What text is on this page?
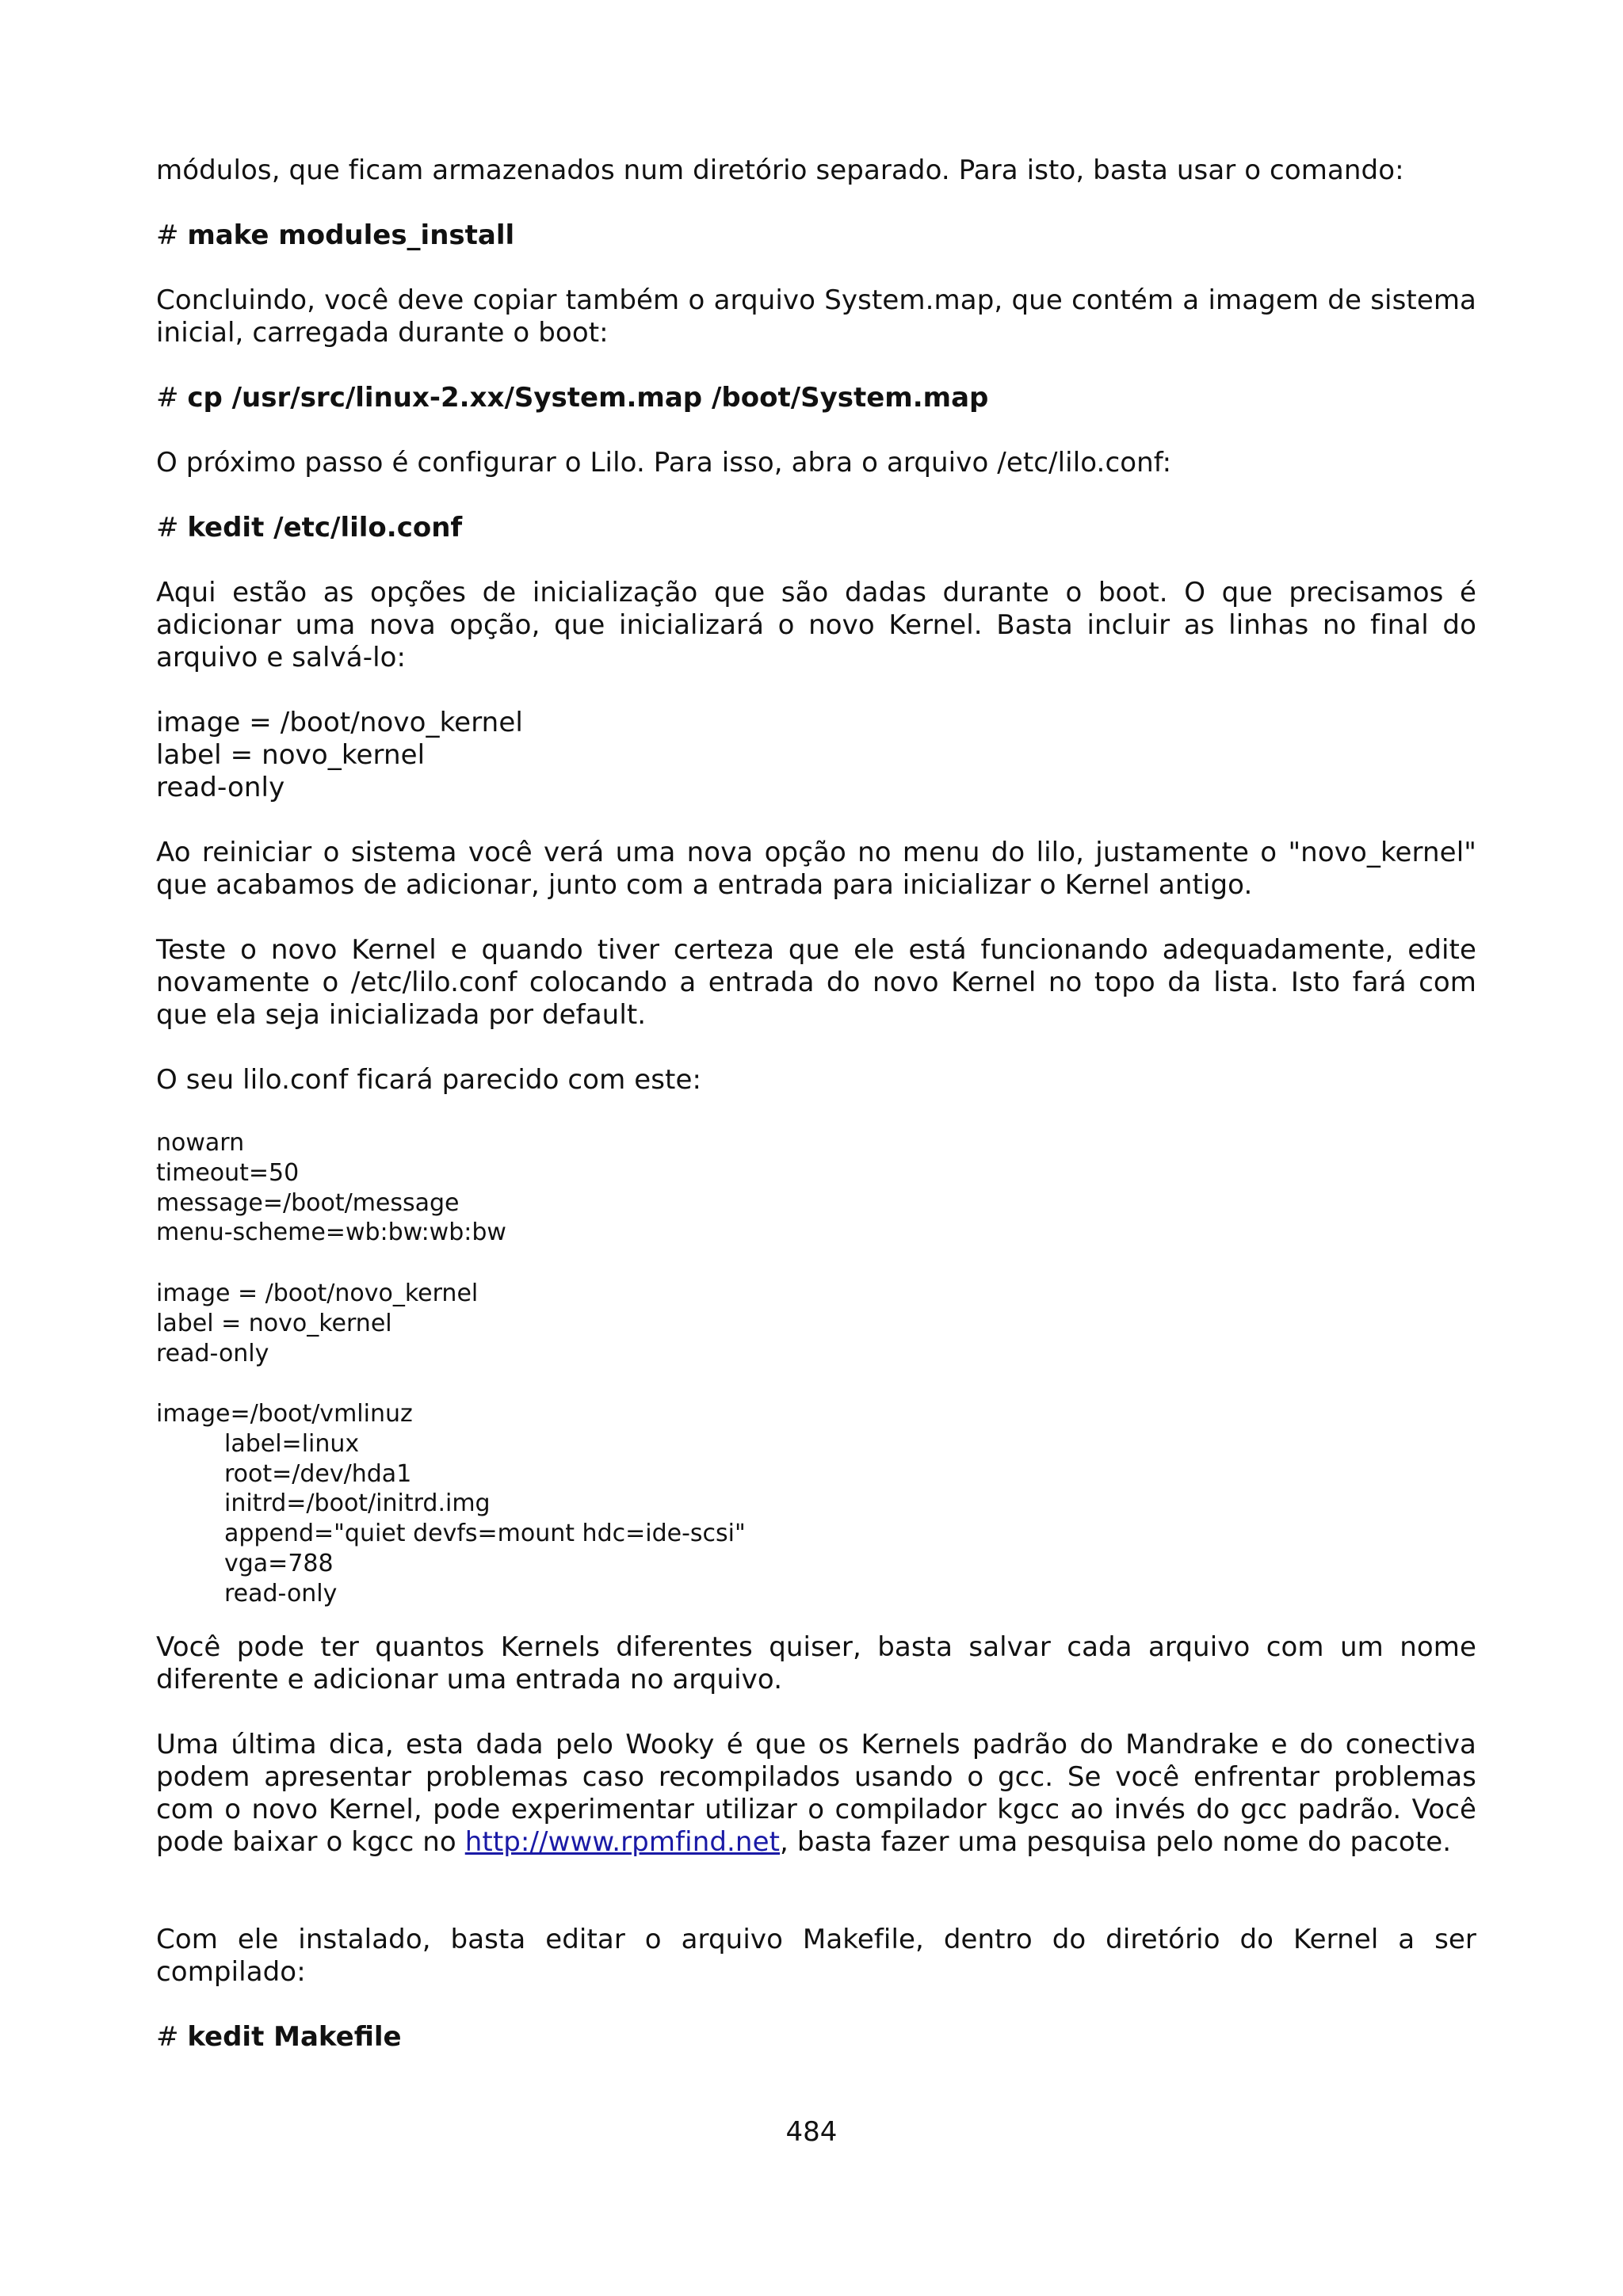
módulos, que ficam armazenados num diretório separado. Para isto, basta usar o comando:

# make modules_install

Concluindo, você deve copiar também o arquivo System.map, que contém a imagem de sistema inicial, carregada durante o boot:

# cp /usr/src/linux-2.xx/System.map /boot/System.map

O próximo passo é configurar o Lilo. Para isso, abra o arquivo /etc/lilo.conf:

# kedit /etc/lilo.conf

Aqui estão as opções de inicialização que são dadas durante o boot. O que precisamos é adicionar uma nova opção, que inicializará o novo Kernel. Basta incluir as linhas no final do arquivo e salvá-lo:

image = /boot/novo_kernel
label = novo_kernel
read-only

Ao reiniciar o sistema você verá uma nova opção no menu do lilo, justamente o "novo_kernel" que acabamos de adicionar, junto com a entrada para inicializar o Kernel antigo.

Teste o novo Kernel e quando tiver certeza que ele está funcionando adequadamente, edite novamente o /etc/lilo.conf colocando a entrada do novo Kernel no topo da lista. Isto fará com que ela seja inicializada por default.

O seu lilo.conf ficará parecido com este:

nowarn
timeout=50
message=/boot/message
menu-scheme=wb:bw:wb:bw
image = /boot/novo_kernel
label = novo_kernel
read-only
image=/boot/vmlinuz
label=linux
root=/dev/hda1
initrd=/boot/initrd.img
append="quiet devfs=mount hdc=ide-scsi"
vga=788
read-only

Você pode ter quantos Kernels diferentes quiser, basta salvar cada arquivo com um nome diferente e adicionar uma entrada no arquivo.

Uma última dica, esta dada pelo Wooky é que os Kernels padrão do Mandrake e do conectiva podem apresentar problemas caso recompilados usando o gcc. Se você enfrentar problemas com o novo Kernel, pode experimentar utilizar o compilador kgcc ao invés do gcc padrão. Você pode baixar o kgcc no http://www.rpmfind.net, basta fazer uma pesquisa pelo nome do pacote.

Com ele instalado, basta editar o arquivo Makefile, dentro do diretório do Kernel a ser compilado:

# kedit Makefile

484
